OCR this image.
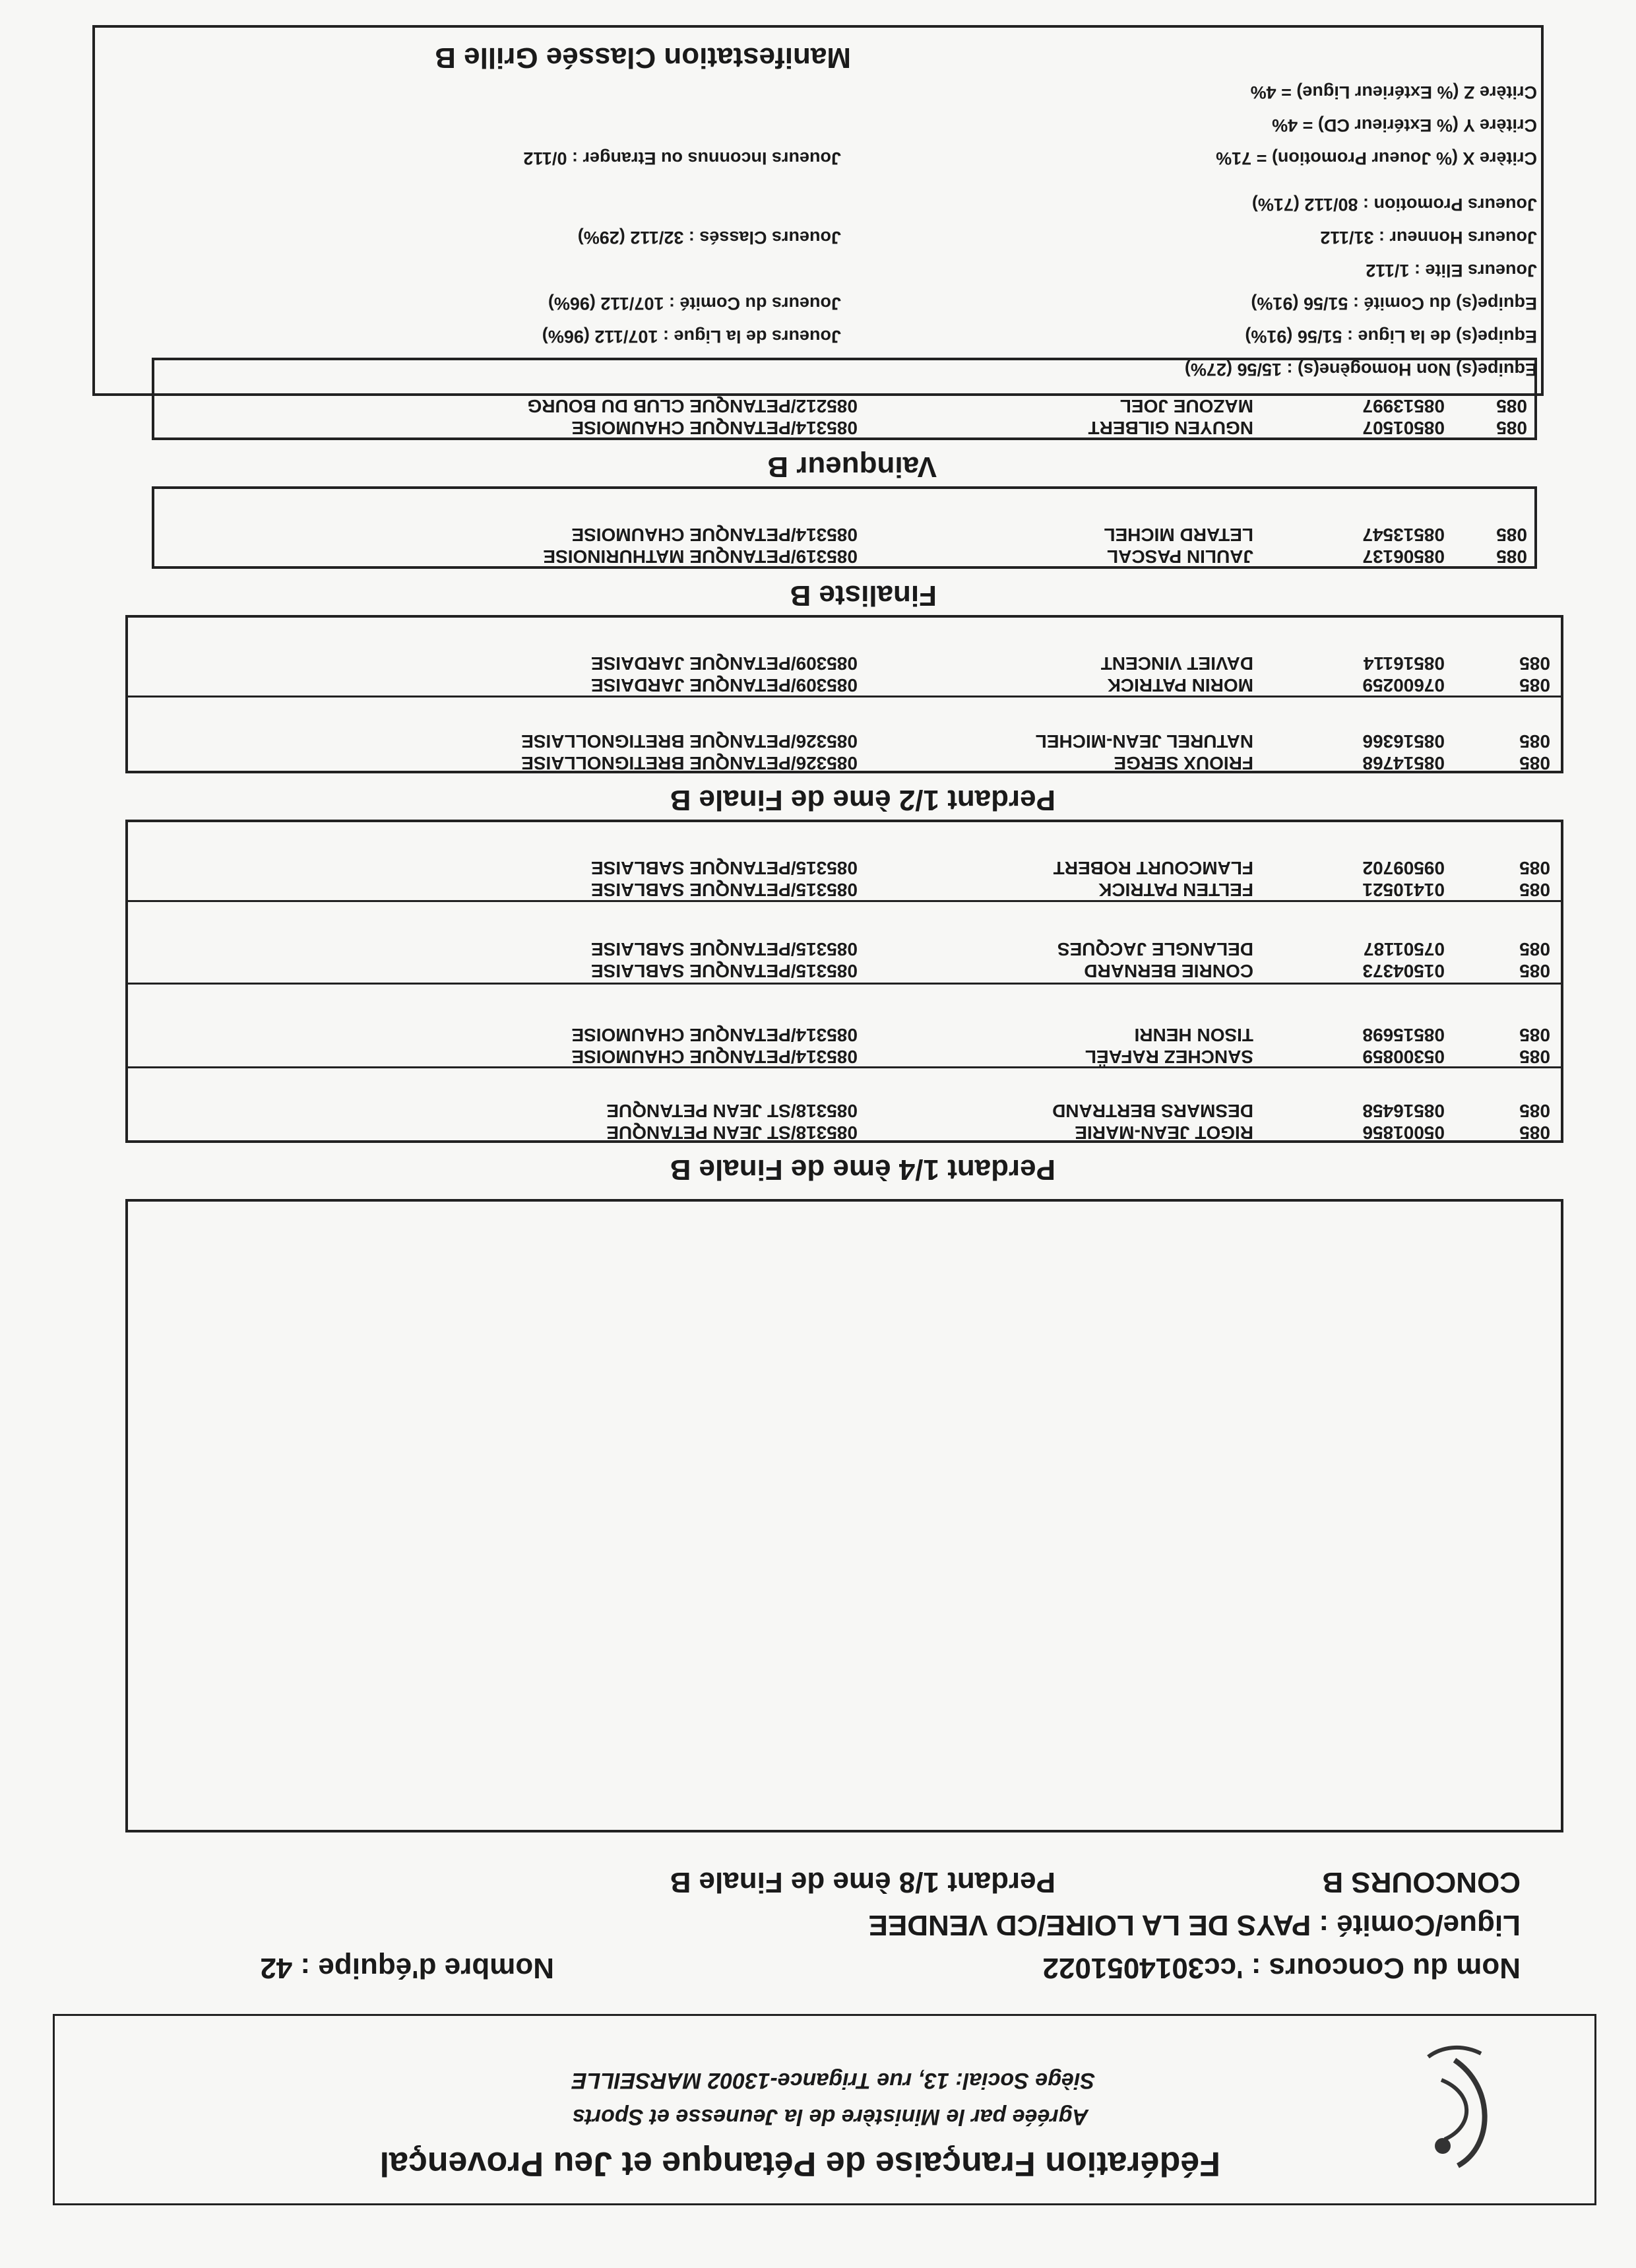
Fédération Française de Pétanque et Jeu Provençal
Agréée par le Ministère de la Jeunesse et Sports
Siège Social: 13, rue Trigance-13002 MARSEILLE
Nom du Concours : 'cc3014051022
Nombre d'équipe : 42
Ligue/Comité : PAYS DE LA LOIRE/CD VENDEE
CONCOURS B
Perdant 1/8 ème de Finale B
Perdant 1/4 ème de Finale B
085
05001856
RIGOT JEAN-MARIE
085318/ST JEAN PETANQUE
085
08516458
DESMARS BERTRAND
085318/ST JEAN PETANQUE
085
05300859
SANCHEZ RAFAËL
085314/PETANQUE CHAUMOISE
085
08515698
TISON HENRI
085314/PETANQUE CHAUMOISE
085
01504373
CONRIE BERNARD
085315/PETANQUE SABLAISE
085
07501187
DELANGLE JACQUES
085315/PETANQUE SABLAISE
085
01410521
FELTEN PATRICK
085315/PETANQUE SABLAISE
085
09509702
FLAMCOURT ROBERT
085315/PETANQUE SABLAISE
Perdant 1/2 ème de Finale B
085
08514768
FRIOUX SERGE
085326/PETANQUE BRETIGNOLLAISE
085
08516366
NATUREL JEAN-MICHEL
085326/PETANQUE BRETIGNOLLAISE
085
07600259
MORIN PATRICK
085309/PETANQUE JARDAISE
085
08516114
DAVIET VINCENT
085309/PETANQUE JARDAISE
Finaliste B
085
08506137
JAULIN PASCAL
085319/PETANQUE MATHURINOISE
085
08513547
LETARD MICHEL
085314/PETANQUE CHAUMOISE
Vainqueur B
085
08501507
NGUYEN GILBERT
085314/PETANQUE CHAUMOISE
085
08513997
MAZOUE JOEL
085212/PETANQUE CLUB DU BOURG
Equipe(s) Non Homogène(s) : 15/56 (27%)
Equipe(s) de la Ligue : 51/56 (91%)
Joueurs de la Ligue : 107/112 (96%)
Equipe(s) du Comité : 51/56 (91%)
Joueurs du Comité : 107/112 (96%)
Joueurs Elite : 1/112
Joueurs Honneur : 31/112
Joueurs Classés : 32/112 (29%)
Joueurs Promotion : 80/112 (71%)
Critère X (% Joueur Promotion) = 71%
Joueurs Inconnus ou Etranger : 0/112
Critère Y (% Extérieur CD) = 4%
Critère Z (% Extérieur Ligue) = 4%
Manifestation Classée Grille B
